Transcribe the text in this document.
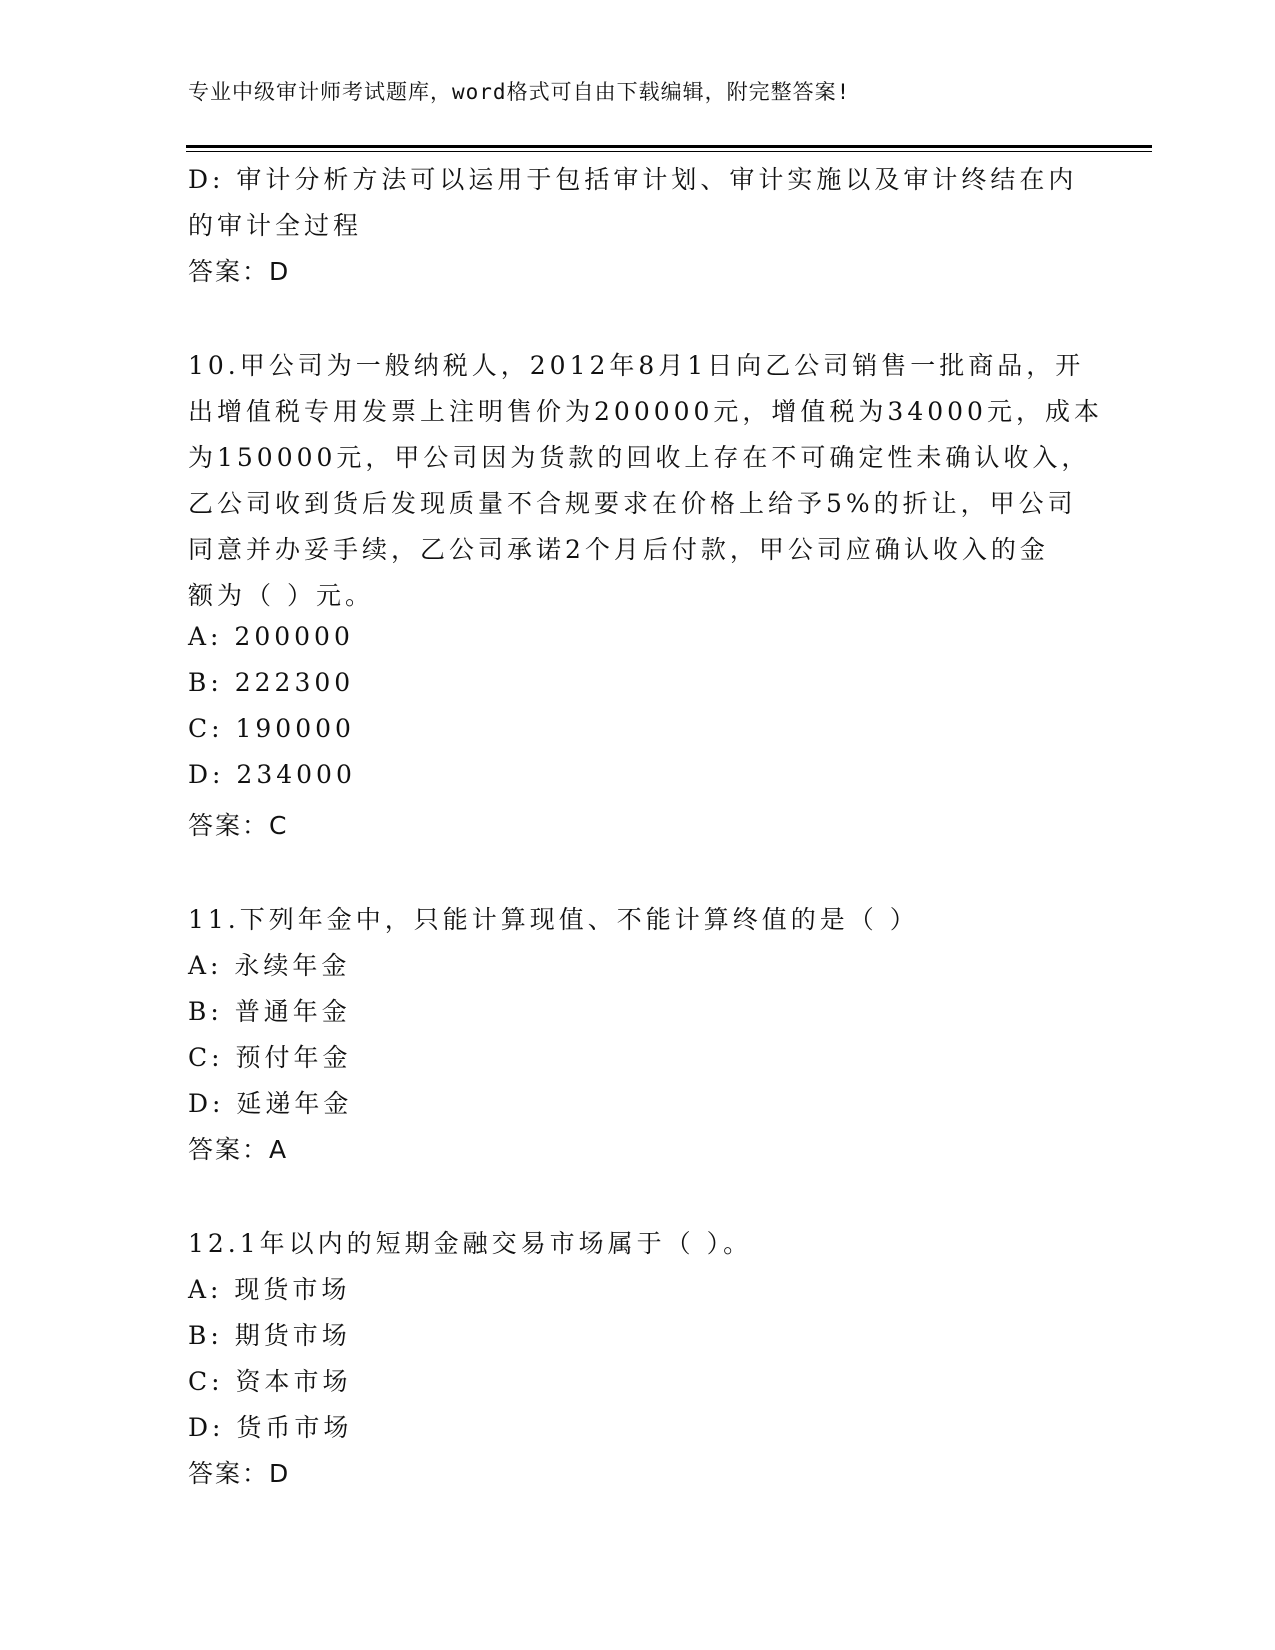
专业中级审计师考试题库，word格式可自由下载编辑，附完整答案!
D: 审计分析方法可以运用于包括审计划、审计实施以及审计终结在内
的审计全过程
答案：D
10.甲公司为一般纳税人，2012年8月1日向乙公司销售一批商品，开
出增值税专用发票上注明售价为200000元，增值税为34000元，成本
为150000元，甲公司因为货款的回收上存在不可确定性未确认收入，
乙公司收到货后发现质量不合规要求在价格上给予5%的折让，甲公司
同意并办妥手续，乙公司承诺2个月后付款，甲公司应确认收入的金
额为（ ）元。
A: 200000
B: 222300
C: 190000
D: 234000
答案：C
11.下列年金中，只能计算现值、不能计算终值的是（ ）
A: 永续年金
B: 普通年金
C: 预付年金
D: 延递年金
答案：A
12.1年以内的短期金融交易市场属于（ ）。
A: 现货市场
B: 期货市场
C: 资本市场
D: 货币市场
答案：D
